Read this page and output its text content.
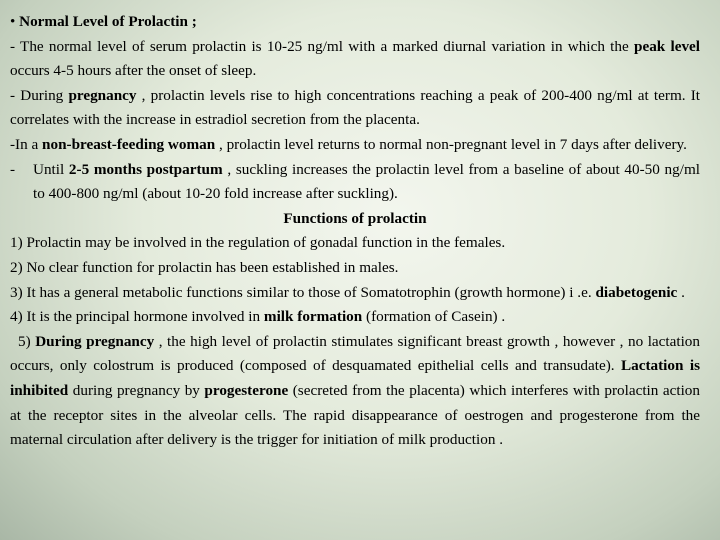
• Normal Level of Prolactin ;

- The normal level of serum prolactin is 10-25 ng/ml with a marked diurnal variation in which the peak level occurs 4-5 hours after the onset of sleep.

- During pregnancy , prolactin levels rise to high concentrations reaching a peak of 200-400 ng/ml at term. It correlates with the increase in estradiol secretion from the placenta.

-In a non-breast-feeding woman , prolactin level returns to normal non-pregnant level in 7 days after delivery.

- Until 2-5 months postpartum , suckling increases the prolactin level from a baseline of about 40-50 ng/ml to 400-800 ng/ml (about 10-20 fold increase after suckling).

Functions of prolactin

1) Prolactin may be involved in the regulation of gonadal function in the females.

2) No clear function for prolactin has been established in males.

3) It has a general metabolic functions similar to those of Somatotrophin (growth hormone) i .e. diabetogenic .

4) It is the principal hormone involved in milk formation (formation of Casein) .

5) During pregnancy , the high level of prolactin stimulates significant breast growth , however , no lactation occurs, only colostrum is produced (composed of desquamated epithelial cells and transudate). Lactation is inhibited during pregnancy by progesterone (secreted from the placenta) which interferes with prolactin action at the receptor sites in the alveolar cells. The rapid disappearance of oestrogen and progesterone from the maternal circulation after delivery is the trigger for initiation of milk production .
